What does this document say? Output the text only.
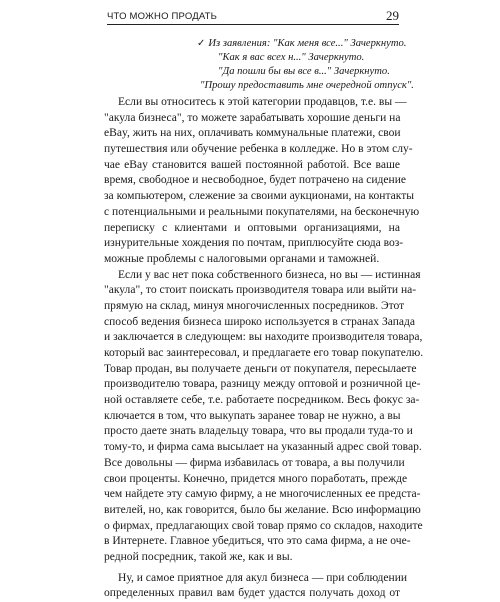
ЧТО МОЖНО ПРОДАТЬ	29
✓ Из заявления: "Как меня все..." Зачеркнуто.
"Как я вас всех н..." Зачеркнуто.
"Да пошли бы вы все в..." Зачеркнуто.
"Прошу предоставить мне очередной отпуск".
Если вы относитесь к этой категории продавцов, т.е. вы —
"акула бизнеса", то можете зарабатывать хорошие деньги на
eBay, жить на них, оплачивать коммунальные платежи, свои
путешествия или обучение ребенка в колледже. Но в этом слу-
чае eBay становится вашей постоянной работой. Все ваше
время, свободное и несвободное, будет потрачено на сидение
за компьютером, слежение за своими аукционами, на контакты
с потенциальными и реальными покупателями, на бесконечную
переписку с клиентами и оптовыми организациями, на
изнурительные хождения по почтам, приплюсуйте сюда воз-
можные проблемы с налоговыми органами и таможней.
Если у вас нет пока собственного бизнеса, но вы — истинная
"акула", то стоит поискать производителя товара или выйти на-
прямую на склад, минуя многочисленных посредников. Этот
способ ведения бизнеса широко используется в странах Запада
и заключается в следующем: вы находите производителя товара,
который вас заинтересовал, и предлагаете его товар покупателю.
Товар продан, вы получаете деньги от покупателя, пересылаете
производителю товара, разницу между оптовой и розничной це-
ной оставляете себе, т.е. работаете посредником. Весь фокус за-
ключается в том, что выкупать заранее товар не нужно, а вы
просто даете знать владельцу товара, что вы продали туда-то и
тому-то, и фирма сама высылает на указанный адрес свой товар.
Все довольны — фирма избавилась от товара, а вы получили
свои проценты. Конечно, придется много поработать, прежде
чем найдете эту самую фирму, а не многочисленных ее предста-
вителей, но, как говорится, было бы желание. Всю информацию
о фирмах, предлагающих свой товар прямо со складов, находите
в Интернете. Главное убедиться, что это сама фирма, а не оче-
редной посредник, такой же, как и вы.
Ну, и самое приятное для акул бизнеса — при соблюдении
определенных правил вам будет удастся получать доход от
